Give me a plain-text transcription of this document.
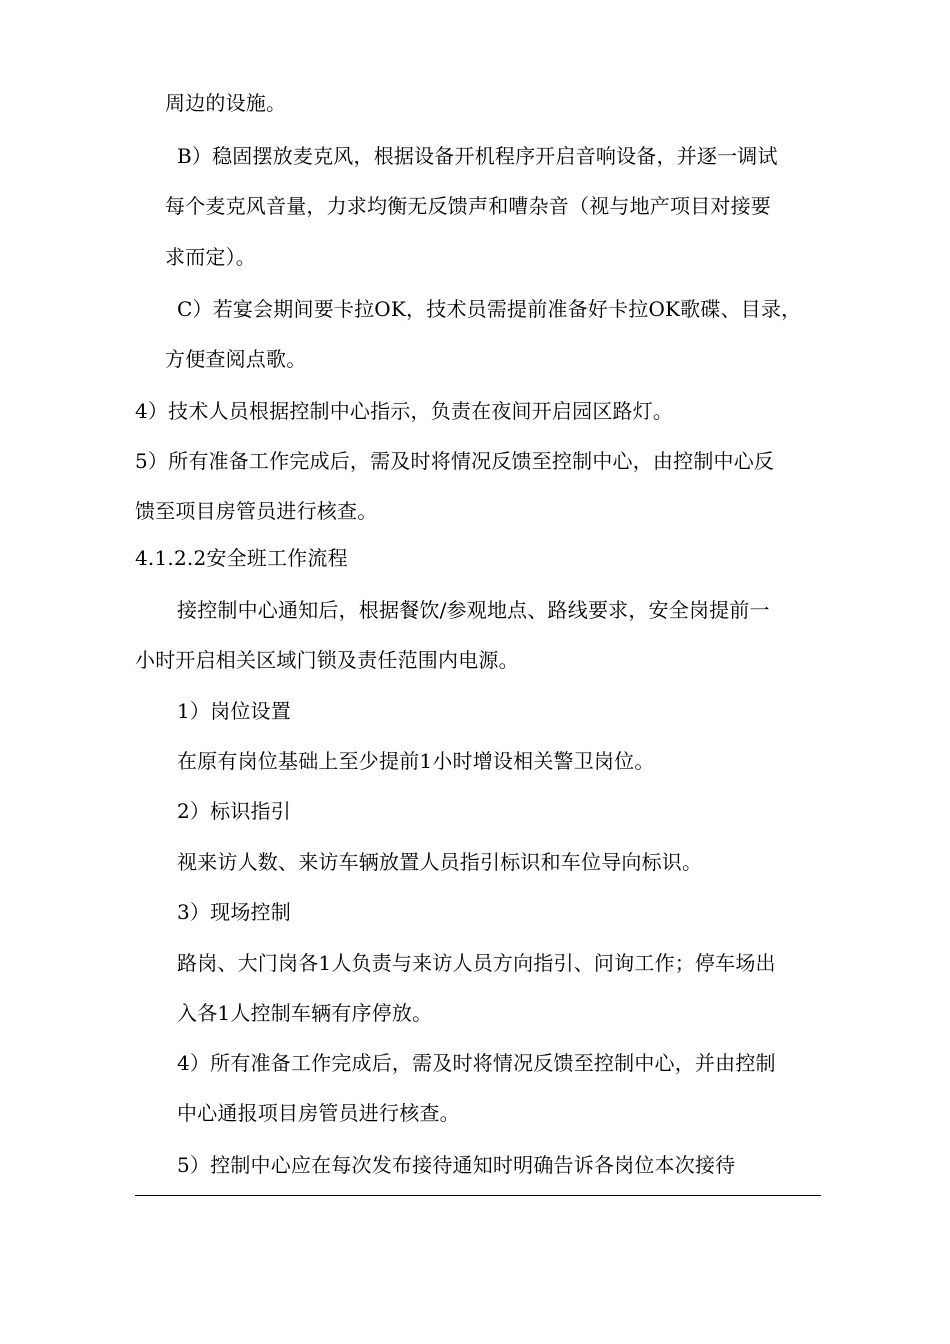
周边的设施。
B）稳固摆放麦克风，根据设备开机程序开启音响设备，并逐一调试
每个麦克风音量，力求均衡无反馈声和嘈杂音（视与地产项目对接要
求而定）。
C）若宴会期间要卡拉OK，技术员需提前准备好卡拉OK歌碟、目录，
方便查阅点歌。
4）技术人员根据控制中心指示，负责在夜间开启园区路灯。
5）所有准备工作完成后，需及时将情况反馈至控制中心，由控制中心反
馈至项目房管员进行核查。
4.1.2.2安全班工作流程
接控制中心通知后，根据餐饮/参观地点、路线要求，安全岗提前一
小时开启相关区域门锁及责任范围内电源。
1）岗位设置
在原有岗位基础上至少提前1小时增设相关警卫岗位。
2）标识指引
视来访人数、来访车辆放置人员指引标识和车位导向标识。
3）现场控制
路岗、大门岗各1人负责与来访人员方向指引、问询工作；停车场出
入各1人控制车辆有序停放。
4）所有准备工作完成后，需及时将情况反馈至控制中心，并由控制
中心通报项目房管员进行核查。
5）控制中心应在每次发布接待通知时明确告诉各岗位本次接待
